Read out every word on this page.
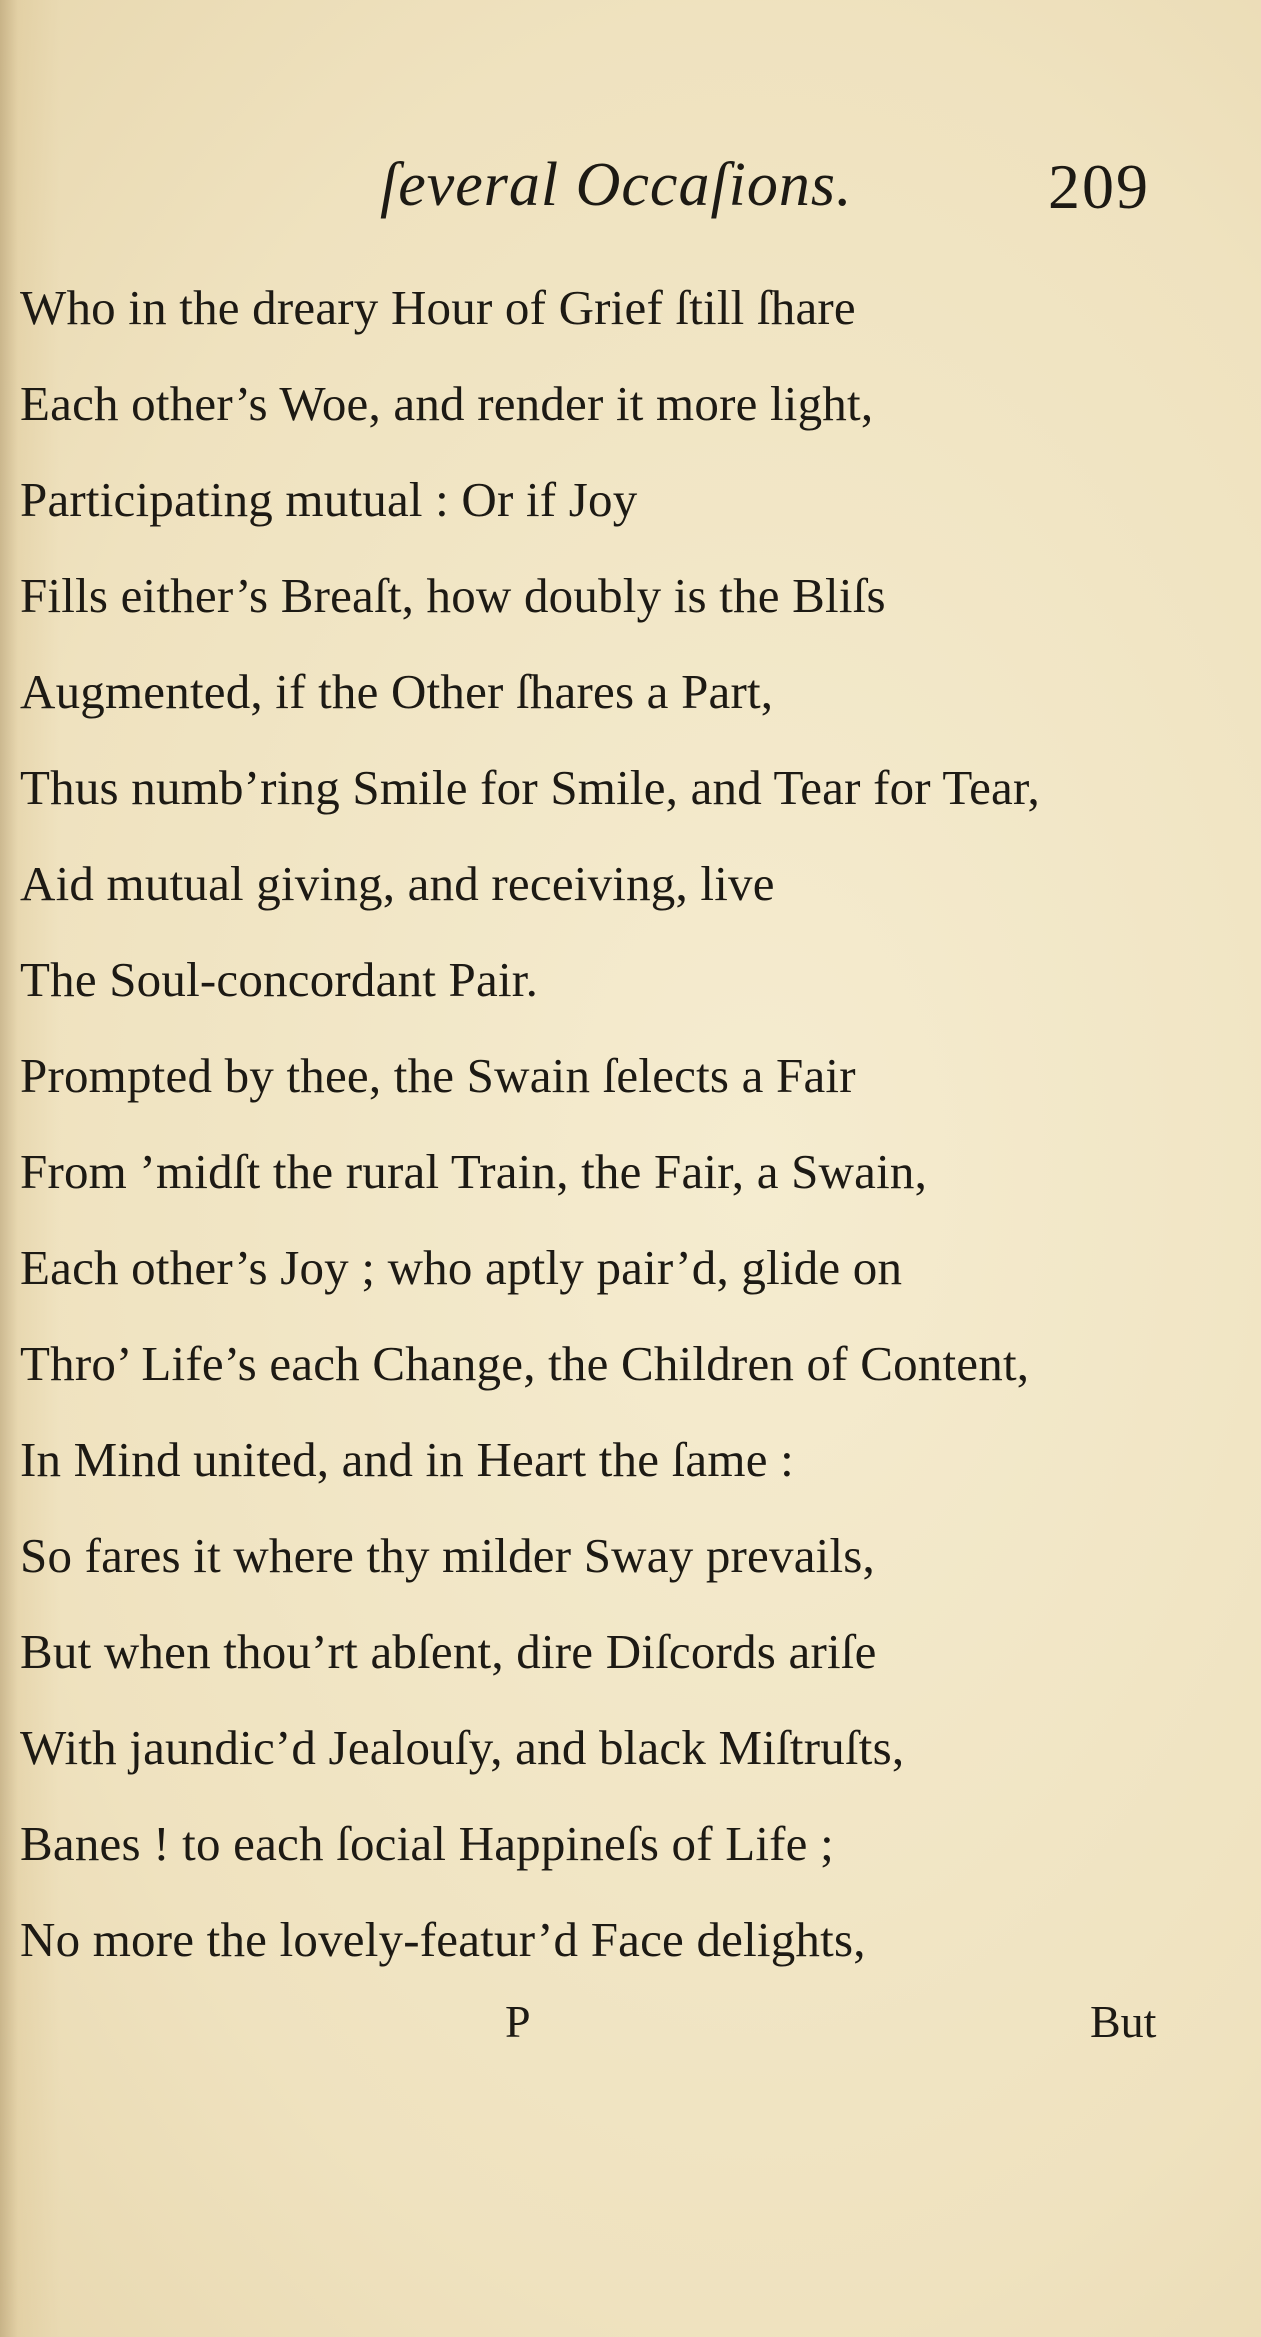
ſeveral Occaſions.	209
Who in the dreary Hour of Grief ſtill ſhare
Each other’s Woe, and render it more light,
Participating mutual : Or if Joy
Fills either’s Breaſt, how doubly is the Bliſs
Augmented, if the Other ſhares a Part,
Thus numb’ring Smile for Smile, and Tear for Tear,
Aid mutual giving, and receiving, live
The Soul-concordant Pair.
Prompted by thee, the Swain ſelects a Fair
From ’midſt the rural Train, the Fair, a Swain,
Each other’s Joy ; who aptly pair’d, glide on
Thro’ Life’s each Change, the Children of Content,
In Mind united, and in Heart the ſame :
So fares it where thy milder Sway prevails,
But when thou’rt abſent, dire Diſcords ariſe
With jaundic’d Jealouſy, and black Miſtruſts,
Banes ! to each ſocial Happineſs of Life ;
No more the lovely-featur’d Face delights,
P	But
